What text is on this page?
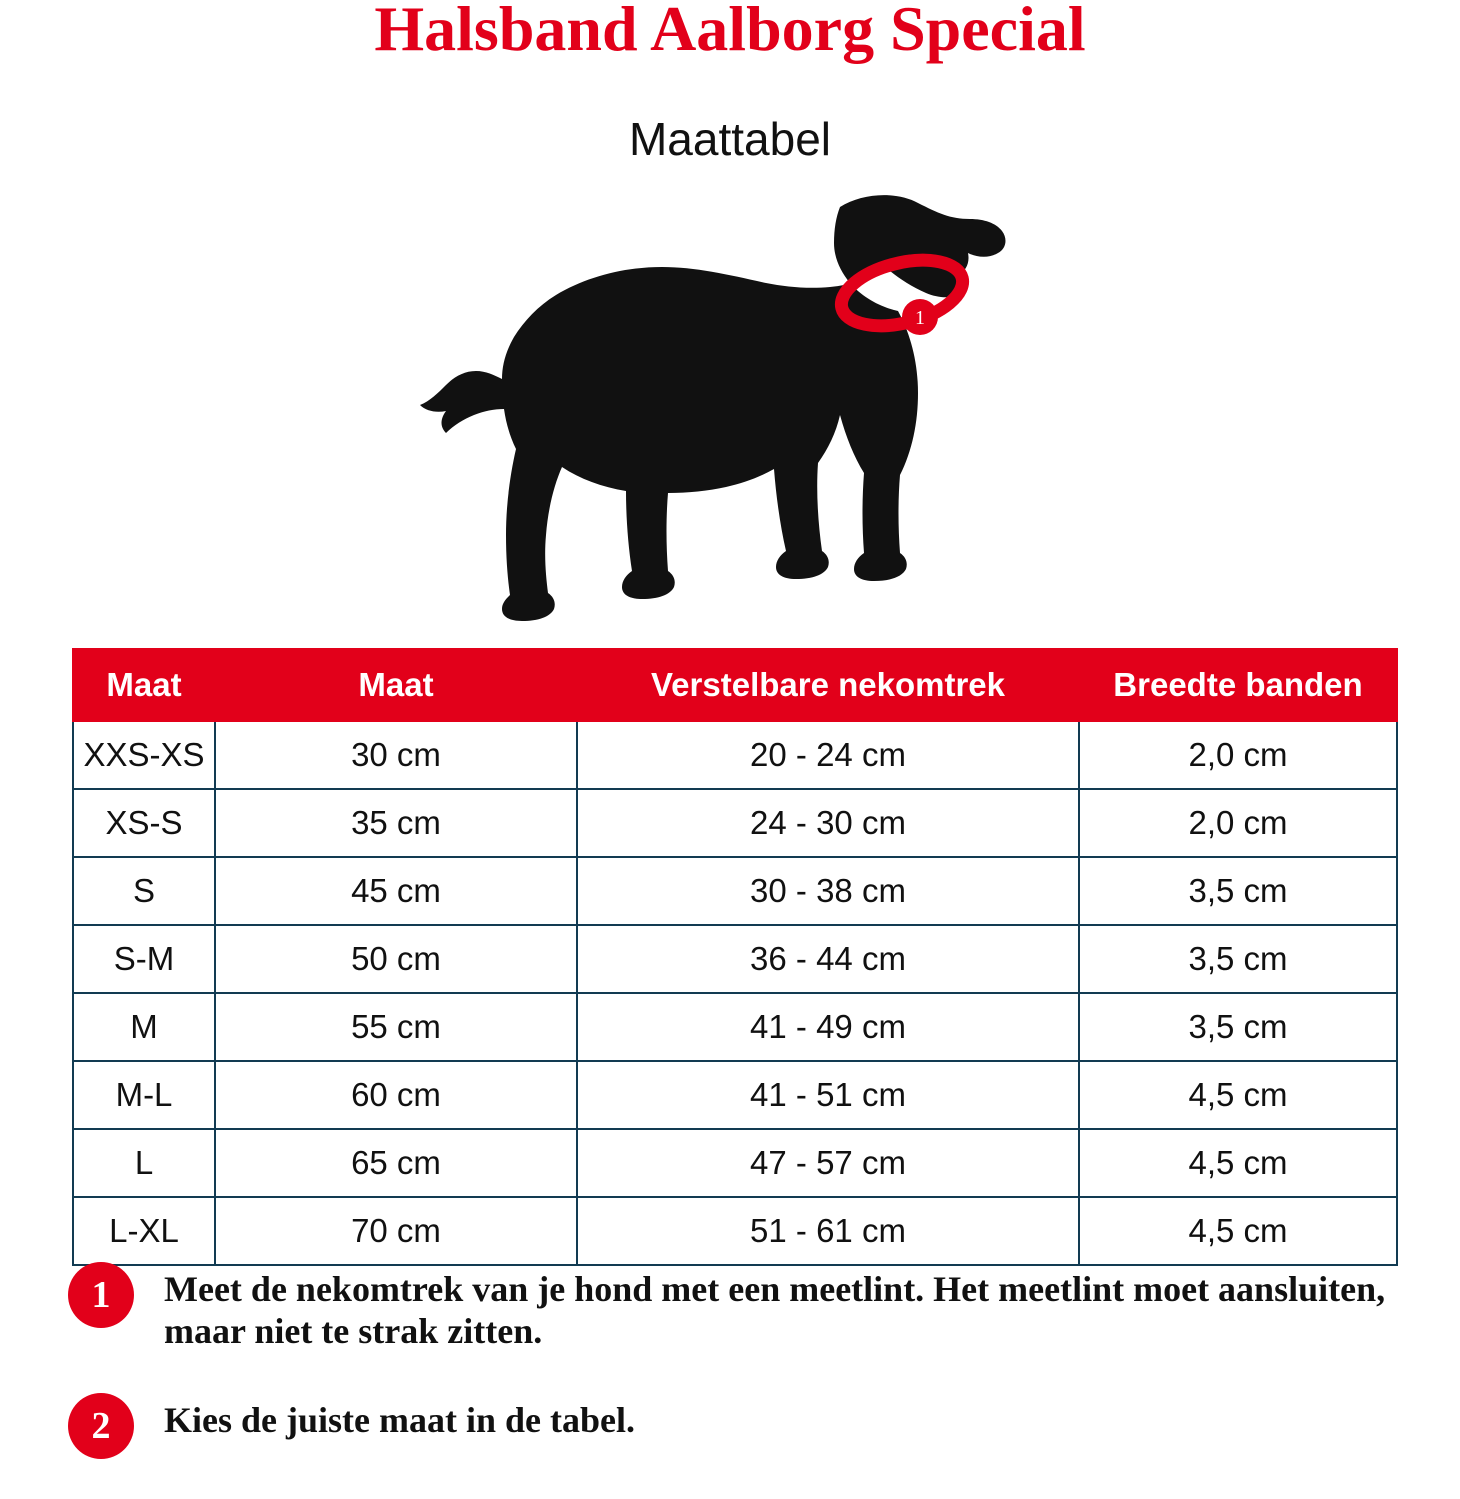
Halsband Aalborg Special
Maattabel
1
Maat	Maat	Verstelbare nekomtrek	Breedte banden
XXS-XS	30 cm	20 - 24 cm	2,0 cm
XS-S	35 cm	24 - 30 cm	2,0 cm
S	45 cm	30 - 38 cm	3,5 cm
S-M	50 cm	36 - 44 cm	3,5 cm
M	55 cm	41 - 49 cm	3,5 cm
M-L	60 cm	41 - 51 cm	4,5 cm
L	65 cm	47 - 57 cm	4,5 cm
L-XL	70 cm	51 - 61 cm	4,5 cm
1	Meet de nekomtrek van je hond met een meetlint. Het meetlint moet aansluiten, maar niet te strak zitten.
2	Kies de juiste maat in de tabel.
